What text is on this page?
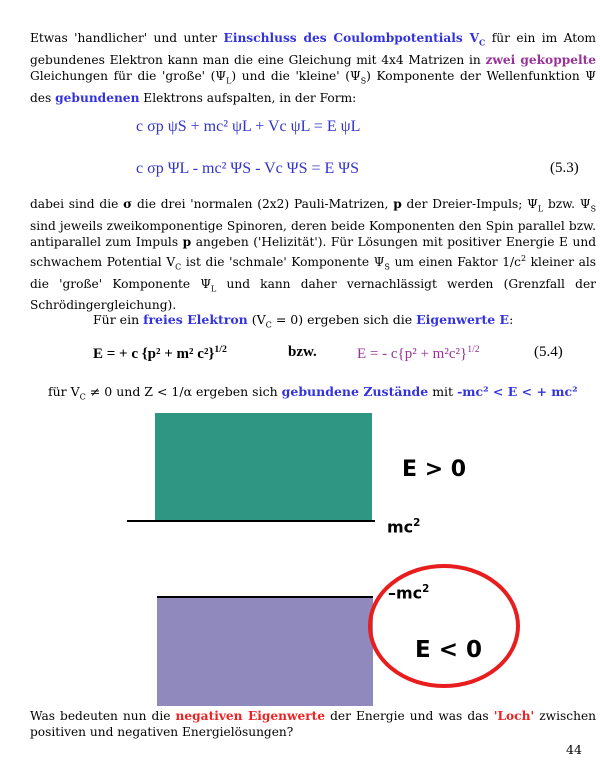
Etwas 'handlicher' und unter Einschluss des Coulombpotentials $V_C$ für ein im Atom gebundenes Elektron kann man die eine Gleichung mit 4x4 Matrizen in zwei gekoppelte Gleichungen für die 'große' $(\Psi_L)$ und die 'kleine' $(\Psi_S)$ Komponente der Wellenfunktion Ψ des gebundenen Elektrons aufspalten, in der Form:
c σp ψS + mc² ψL + Vc ψL = E ψL
c σp ΨL - mc² ΨS - Vc ΨS = E ΨS	(5.3)
dabei sind die σ die drei 'normalen (2x2) Pauli-Matrizen, p der Dreier-Impuls; $\Psi_L$ bzw. $\Psi_S$ sind jeweils zweikomponentige Spinoren, deren beide Komponenten den Spin parallel bzw. antiparallel zum Impuls p angeben ('Helizität'). Für Lösungen mit positiver Energie E und schwachem Potential $V_C$ ist die 'schmale' Komponente $\Psi_S$ um einen Faktor $1/c^2$ kleiner als die 'große' Komponente $\Psi_L$ und kann daher vernachlässigt werden (Grenzfall der Schrödingergleichung).
Für ein freies Elektron $(V_C = 0)$ ergeben sich die Eigenwerte E:
E = + c {p² + m² c²}$^{1/2}$	bzw.	E = - $c\{p^2 + m^2c^2\}^{1/2}$	(5.4)
für $V_C \ne 0$ und Z < 1/α ergeben sich gebundene Zustände mit -mc² < E < + mc²
E > 0
$mc^2$
$-mc^2$
E < 0
Was bedeuten nun die negativen Eigenwerte der Energie und was das 'Loch' zwischen positiven und negativen Energielösungen?
44
